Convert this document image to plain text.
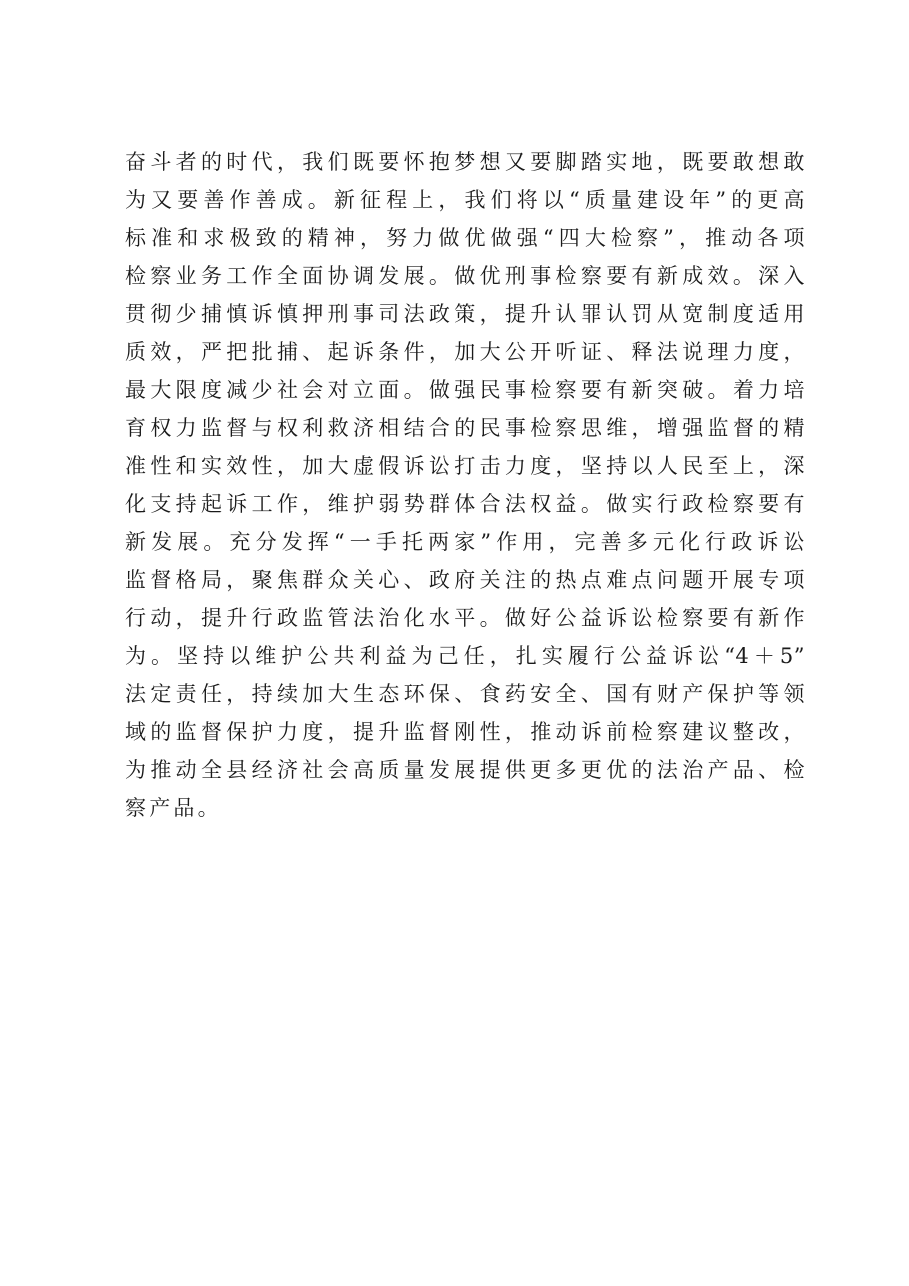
奋斗者的时代，我们既要怀抱梦想又要脚踏实地，既要敢想敢
为又要善作善成。新征程上，我们将以“质量建设年”的更高
标准和求极致的精神，努力做优做强“四大检察”，推动各项
检察业务工作全面协调发展。做优刑事检察要有新成效。深入
贯彻少捕慎诉慎押刑事司法政策，提升认罪认罚从宽制度适用
质效，严把批捕、起诉条件，加大公开听证、释法说理力度，
最大限度减少社会对立面。做强民事检察要有新突破。着力培
育权力监督与权利救济相结合的民事检察思维，增强监督的精
准性和实效性，加大虚假诉讼打击力度，坚持以人民至上，深
化支持起诉工作，维护弱势群体合法权益。做实行政检察要有
新发展。充分发挥“一手托两家”作用，完善多元化行政诉讼
监督格局，聚焦群众关心、政府关注的热点难点问题开展专项
行动，提升行政监管法治化水平。做好公益诉讼检察要有新作
为。坚持以维护公共利益为己任，扎实履行公益诉讼“4＋5”
法定责任，持续加大生态环保、食药安全、国有财产保护等领
域的监督保护力度，提升监督刚性，推动诉前检察建议整改，
为推动全县经济社会高质量发展提供更多更优的法治产品、检
察产品。
